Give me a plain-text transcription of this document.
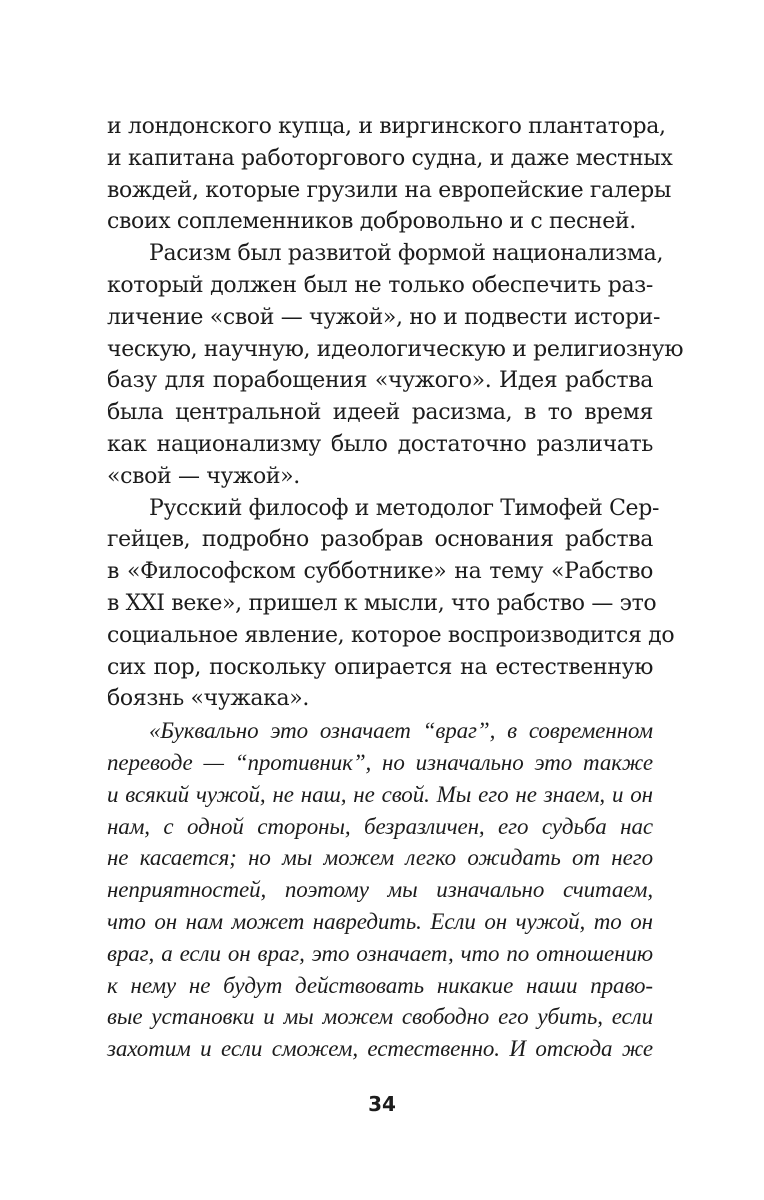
и лондонского купца, и виргинского плантатора,
и капитана работоргового судна, и даже местных
вождей, которые грузили на европейские галеры
своих соплеменников добровольно и с песней.
Расизм был развитой формой национализма,
который должен был не только обеспечить раз-
личение «свой — чужой», но и подвести истори-
ческую, научную, идеологическую и религиозную
базу для порабощения «чужого». Идея рабства
была центральной идеей расизма, в то время
как национализму было достаточно различать
«свой — чужой».
Русский философ и методолог Тимофей Сер-
гейцев, подробно разобрав основания рабства
в «Философском субботнике» на тему «Рабство
в XXI веке», пришел к мысли, что рабство — это
социальное явление, которое воспроизводится до
сих пор, поскольку опирается на естественную
боязнь «чужака».
«Буквально это означает “враг”, в современном
переводе — “противник”, но изначально это также
и всякий чужой, не наш, не свой. Мы его не знаем, и он
нам, с одной стороны, безразличен, его судьба нас
не касается; но мы можем легко ожидать от него
неприятностей, поэтому мы изначально считаем,
что он нам может навредить. Если он чужой, то он
враг, а если он враг, это означает, что по отношению
к нему не будут действовать никакие наши право-
вые установки и мы можем свободно его убить, если
захотим и если сможем, естественно. И отсюда же
34
